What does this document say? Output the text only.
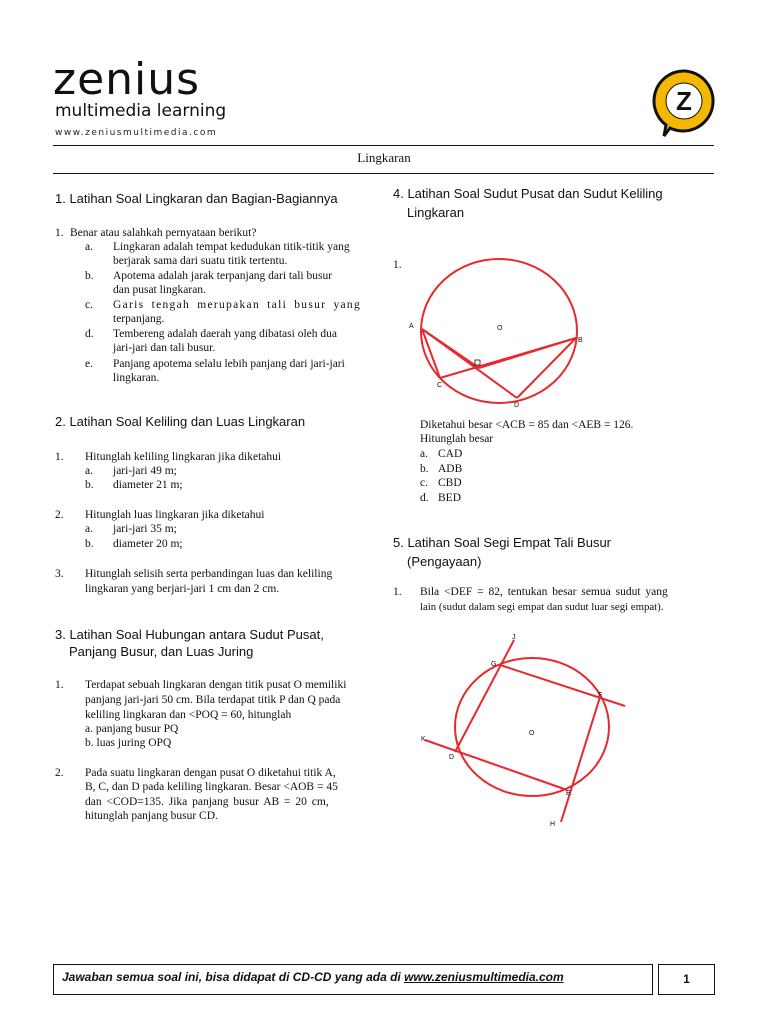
zenius
multimedia learning
www.zeniusmultimedia.com
Z
Lingkaran
1. Latihan Soal Lingkaran dan Bagian-Bagiannya
1. Benar atau salahkah pernyataan berikut?
a. Lingkaran adalah tempat kedudukan titik-titik yang
berjarak sama dari suatu titik tertentu.
b. Apotema adalah jarak terpanjang dari tali busur
dan pusat lingkaran.
c. Garis tengah merupakan tali busur yang
terpanjang.
d. Tembereng adalah daerah yang dibatasi oleh dua
jari-jari dan tali busur.
e. Panjang apotema selalu lebih panjang dari jari-jari
lingkaran.
2. Latihan Soal Keliling dan Luas Lingkaran
1. Hitunglah keliling lingkaran jika diketahui
a. jari-jari 49 m;
b. diameter 21 m;
2. Hitunglah luas lingkaran jika diketahui
a. jari-jari 35 m;
b. diameter 20 m;
3. Hitunglah selisih serta perbandingan luas dan keliling
lingkaran yang berjari-jari 1 cm dan 2 cm.
3. Latihan Soal Hubungan antara Sudut Pusat,
Panjang Busur, dan Luas Juring
1. Terdapat sebuah lingkaran dengan titik pusat O memiliki
panjang jari-jari 50 cm. Bila terdapat titik P dan Q pada
keliling lingkaran dan <POQ = 60, hitunglah
a. panjang busur PQ
b. luas juring OPQ
2. Pada suatu lingkaran dengan pusat O diketahui titik A,
B, C, dan D pada keliling lingkaran. Besar <AOB = 45
dan <COD=135. Jika panjang busur AB = 20 cm,
hitunglah panjang busur CD.
4. Latihan Soal Sudut Pusat dan Sudut Keliling
Lingkaran
1.
A
B
C
D
O
Diketahui besar <ACB = 85 dan <AEB = 126.
Hitunglah besar
a. CAD
b. ADB
c. CBD
d. BED
5. Latihan Soal Segi Empat Tali Busur
(Pengayaan)
1. Bila <DEF = 82, tentukan besar semua sudut yang
lain (sudut dalam segi empat dan sudut luar segi empat).
J
G
F
O
K
D
E
H
Jawaban semua soal ini, bisa didapat di CD-CD yang ada di www.zeniusmultimedia.com	1
